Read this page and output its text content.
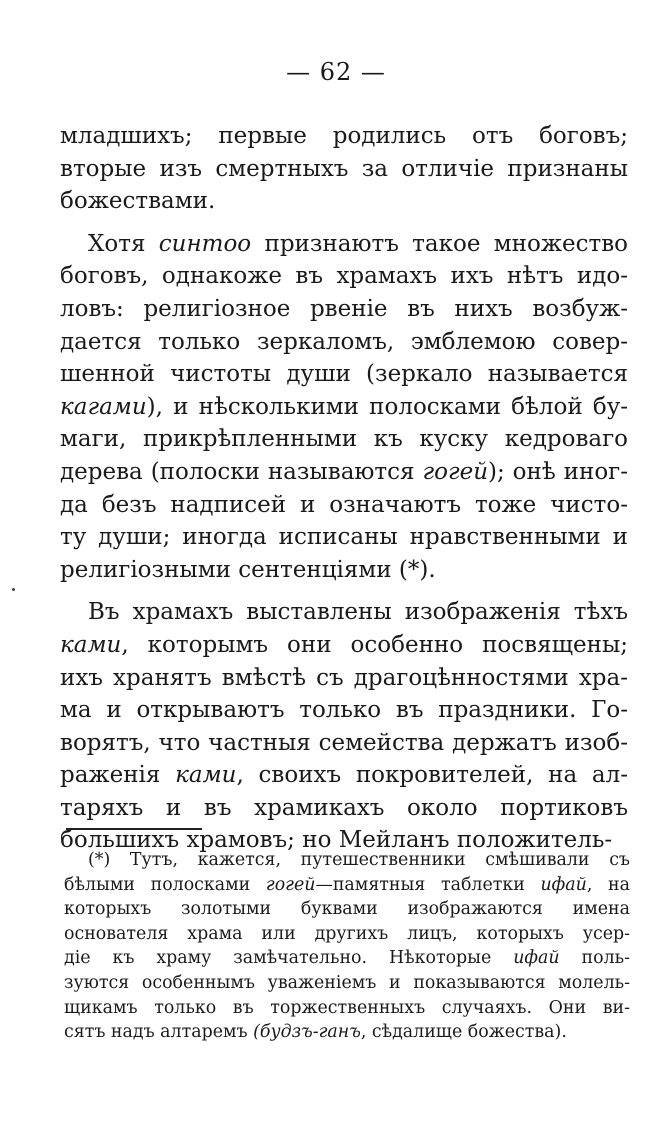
— 62 —
младшихъ; первые родились отъ боговъ;
вторые изъ смертныхъ за отличіе признаны
божествами.
Хотя синтоо признаютъ такое множество
боговъ, однакоже въ храмахъ ихъ нѣтъ идо-
ловъ: религіозное рвеніе въ нихъ возбуж-
дается только зеркаломъ, эмблемою совер-
шенной чистоты души (зеркало называется
кагами), и нѣсколькими полосками бѣлой бу-
маги, прикрѣпленными къ куску кедроваго
дерева (полоски называются гогей); онѣ иног-
да безъ надписей и означаютъ тоже чисто-
ту души; иногда исписаны нравственными и
религіозными сентенціями (*).
Въ храмахъ выставлены изображенія тѣхъ
ками, которымъ они особенно посвящены;
ихъ хранятъ вмѣстѣ съ драгоцѣнностями хра-
ма и открываютъ только въ праздники. Го-
ворятъ, что частныя семейства держатъ изоб-
раженія ками, своихъ покровителей, на ал-
таряхъ и въ храмикахъ около портиковъ
большихъ храмовъ; но Мейланъ положитель-
(*) Тутъ, кажется, путешественники смѣшивали съ
бѣлыми полосками гогей—памятныя таблетки ифай, на
которыхъ золотыми буквами изображаются имена
основателя храма или другихъ лицъ, которыхъ усер-
діе къ храму замѣчательно. Нѣкоторые ифай поль-
зуются особеннымъ уваженіемъ и показываются молель-
щикамъ только въ торжественныхъ случаяхъ. Они ви-
сятъ надъ алтаремъ (будзъ-ганъ, сѣдалище божества).
